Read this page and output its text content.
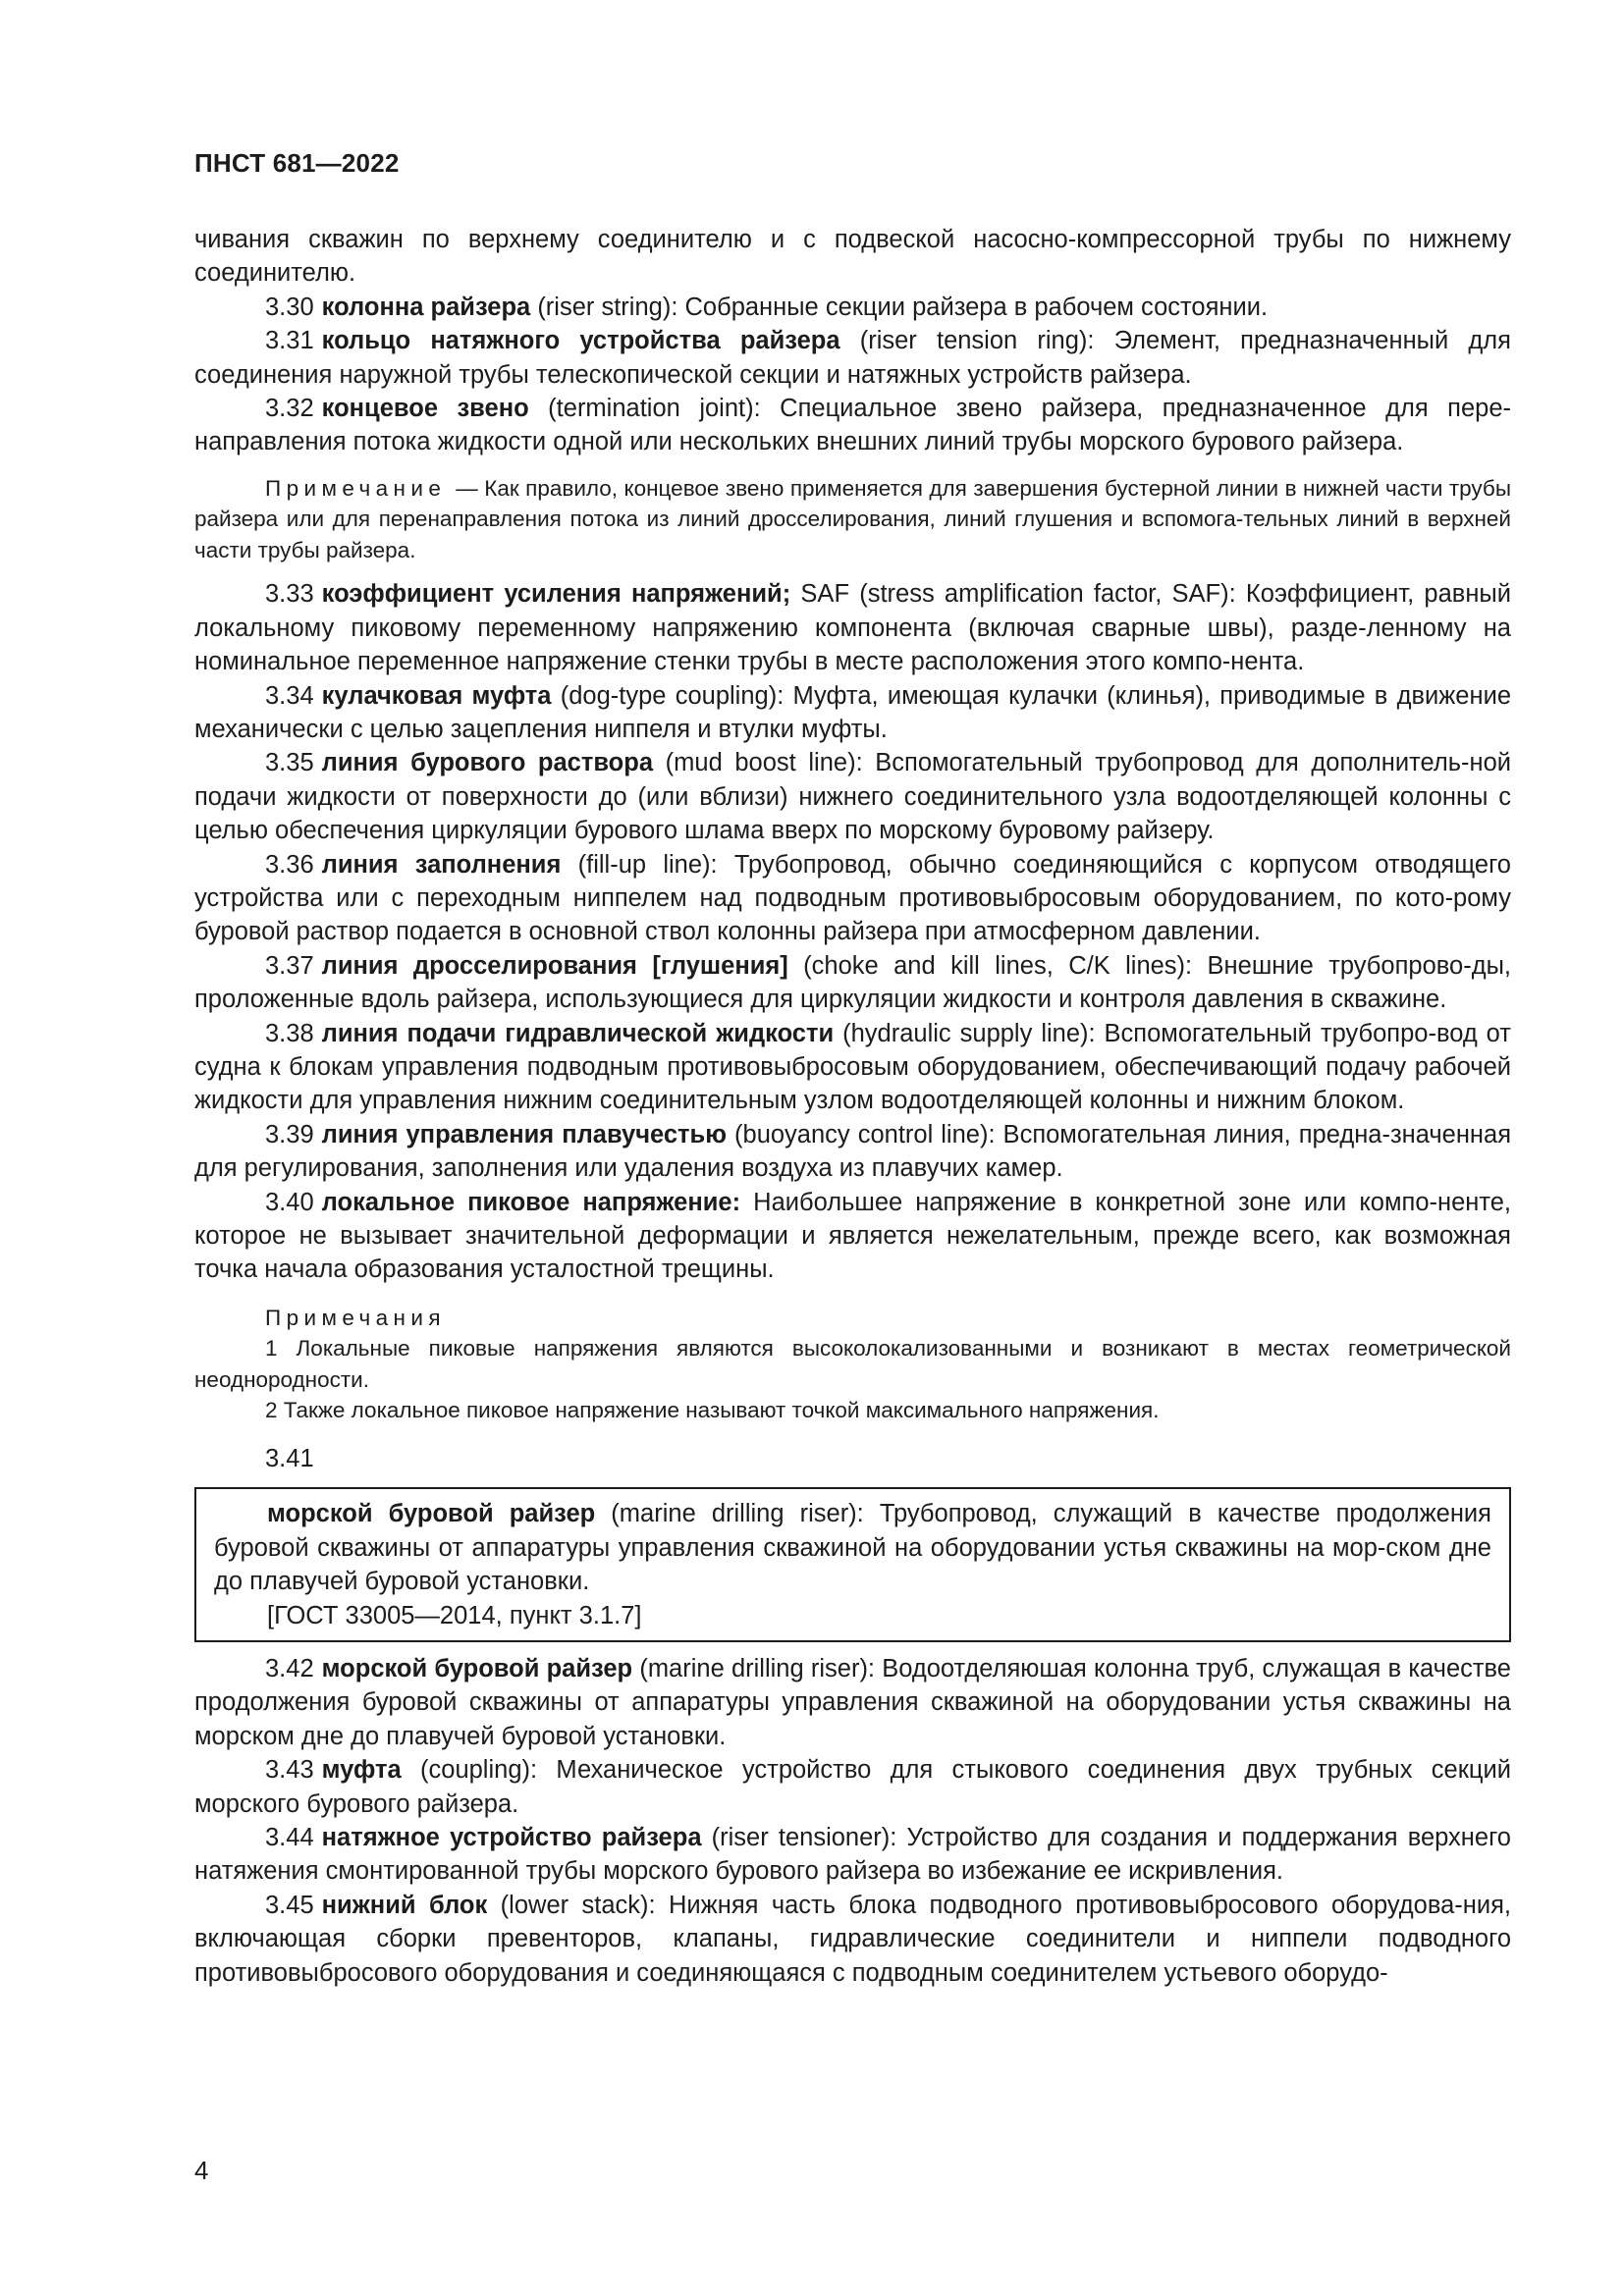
ПНСТ 681—2022

чивания скважин по верхнему соединителю и с подвеской насосно-компрессорной трубы по нижнему соединителю.

3.30 колонна райзера (riser string): Собранные секции райзера в рабочем состоянии.

3.31 кольцо натяжного устройства райзера (riser tension ring): Элемент, предназначенный для соединения наружной трубы телескопической секции и натяжных устройств райзера.

3.32 концевое звено (termination joint): Специальное звено райзера, предназначенное для пере-направления потока жидкости одной или нескольких внешних линий трубы морского бурового райзера.

Примечание — Как правило, концевое звено применяется для завершения бустерной линии в нижней части трубы райзера или для перенаправления потока из линий дросселирования, линий глушения и вспомога-тельных линий в верхней части трубы райзера.

3.33 коэффициент усиления напряжений; SAF (stress amplification factor, SAF): Коэффициент, равный локальному пиковому переменному напряжению компонента (включая сварные швы), разде-ленному на номинальное переменное напряжение стенки трубы в месте расположения этого компо-нента.

3.34 кулачковая муфта (dog-type coupling): Муфта, имеющая кулачки (клинья), приводимые в движение механически с целью зацепления ниппеля и втулки муфты.

3.35 линия бурового раствора (mud boost line): Вспомогательный трубопровод для дополнитель-ной подачи жидкости от поверхности до (или вблизи) нижнего соединительного узла водоотделяющей колонны с целью обеспечения циркуляции бурового шлама вверх по морскому буровому райзеру.

3.36 линия заполнения (fill-up line): Трубопровод, обычно соединяющийся с корпусом отводящего устройства или с переходным ниппелем над подводным противовыбросовым оборудованием, по кото-рому буровой раствор подается в основной ствол колонны райзера при атмосферном давлении.

3.37 линия дросселирования [глушения] (choke and kill lines, C/K lines): Внешние трубопрово-ды, проложенные вдоль райзера, использующиеся для циркуляции жидкости и контроля давления в скважине.

3.38 линия подачи гидравлической жидкости (hydraulic supply line): Вспомогательный трубопро-вод от судна к блокам управления подводным противовыбросовым оборудованием, обеспечивающий подачу рабочей жидкости для управления нижним соединительным узлом водоотделяющей колонны и нижним блоком.

3.39 линия управления плавучестью (buoyancy control line): Вспомогательная линия, предна-значенная для регулирования, заполнения или удаления воздуха из плавучих камер.

3.40 локальное пиковое напряжение: Наибольшее напряжение в конкретной зоне или компо-ненте, которое не вызывает значительной деформации и является нежелательным, прежде всего, как возможная точка начала образования усталостной трещины.

Примечания

1 Локальные пиковые напряжения являются высоколокализованными и возникают в местах геометрической неоднородности.

2 Также локальное пиковое напряжение называют точкой максимального напряжения.

3.41

морской буровой райзер (marine drilling riser): Трубопровод, служащий в качестве продолжения буровой скважины от аппаратуры управления скважиной на оборудовании устья скважины на мор-ском дне до плавучей буровой установки.

[ГОСТ 33005—2014, пункт 3.1.7]

3.42 морской буровой райзер (marine drilling riser): Водоотделяюшая колонна труб, служащая в качестве продолжения буровой скважины от аппаратуры управления скважиной на оборудовании устья скважины на морском дне до плавучей буровой установки.

3.43 муфта (coupling): Механическое устройство для стыкового соединения двух трубных секций морского бурового райзера.

3.44 натяжное устройство райзера (riser tensioner): Устройство для создания и поддержания верхнего натяжения смонтированной трубы морского бурового райзера во избежание ее искривления.

3.45 нижний блок (lower stack): Нижняя часть блока подводного противовыбросового оборудова-ния, включающая сборки превенторов, клапаны, гидравлические соединители и ниппели подводного противовыбросового оборудования и соединяющаяся с подводным соединителем устьевого оборудо-

4
